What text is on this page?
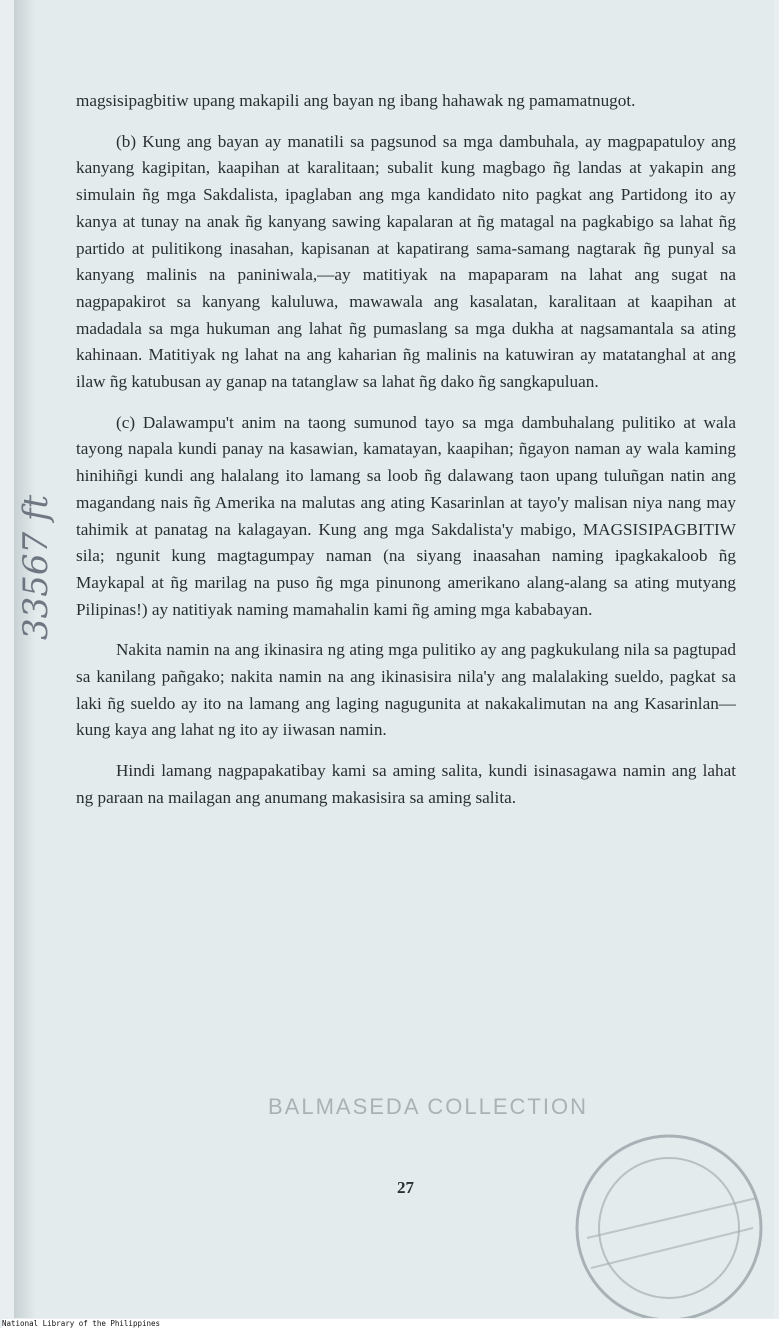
33567 ft

magsisipagbitiw upang makapili ang bayan ng ibang hahawak ng pamamatnugot.

(b) Kung ang bayan ay manatili sa pagsunod sa mga dambuhala, ay magpapatuloy ang kanyang kagipitan, kaapihan at karalitaan; subalit kung magbago ñg landas at yakapin ang simulain ñg mga Sakdalista, ipaglaban ang mga kandidato nito pagkat ang Partidong ito ay kanya at tunay na anak ñg kanyang sawing kapalaran at ñg matagal na pagkabigo sa lahat ñg partido at pulitikong inasahan, kapisanan at kapatirang sama-samang nagtarak ñg punyal sa kanyang malinis na paniniwala,—ay matitiyak na mapaparam na lahat ang sugat na nagpapakirot sa kanyang kaluluwa, mawawala ang kasalatan, karalitaan at kaapihan at madadala sa mga hukuman ang lahat ñg pumaslang sa mga dukha at nagsamantala sa ating kahinaan. Matitiyak ng lahat na ang kaharian ñg malinis na katuwiran ay matatanghal at ang ilaw ñg katubusan ay ganap na tatanglaw sa lahat ñg dako ñg sangkapuluan.

(c) Dalawampu't anim na taong sumunod tayo sa mga dambuhalang pulitiko at wala tayong napala kundi panay na kasawian, kamatayan, kaapihan; ñgayon naman ay wala kaming hinihiñgi kundi ang halalang ito lamang sa loob ñg dalawang taon upang tuluñgan natin ang magandang nais ñg Amerika na malutas ang ating Kasarinlan at tayo'y malisan niya nang may tahimik at panatag na kalagayan. Kung ang mga Sakdalista'y mabigo, MAGSISIPAGBITIW sila; ngunit kung magtagumpay naman (na siyang inaasahan naming ipagkakaloob ñg Maykapal at ñg marilag na puso ñg mga pinunong amerikano alang-alang sa ating mutyang Pilipinas!) ay natitiyak naming mamahalin kami ñg aming mga kababayan.

Nakita namin na ang ikinasira ng ating mga pulitiko ay ang pagkukulang nila sa pagtupad sa kanilang pañgako; nakita namin na ang ikinasisira nila'y ang malalaking sueldo, pagkat sa laki ñg sueldo ay ito na lamang ang laging nagugunita at nakakalimutan na ang Kasarinlan—kung kaya ang lahat ng ito ay iiwasan namin.

Hindi lamang nagpapakatibay kami sa aming salita, kundi isinasagawa namin ang lahat ng paraan na mailagan ang anumang makasisira sa aming salita.

BALMASEDA COLLECTION
27
National Library of the Philippines
